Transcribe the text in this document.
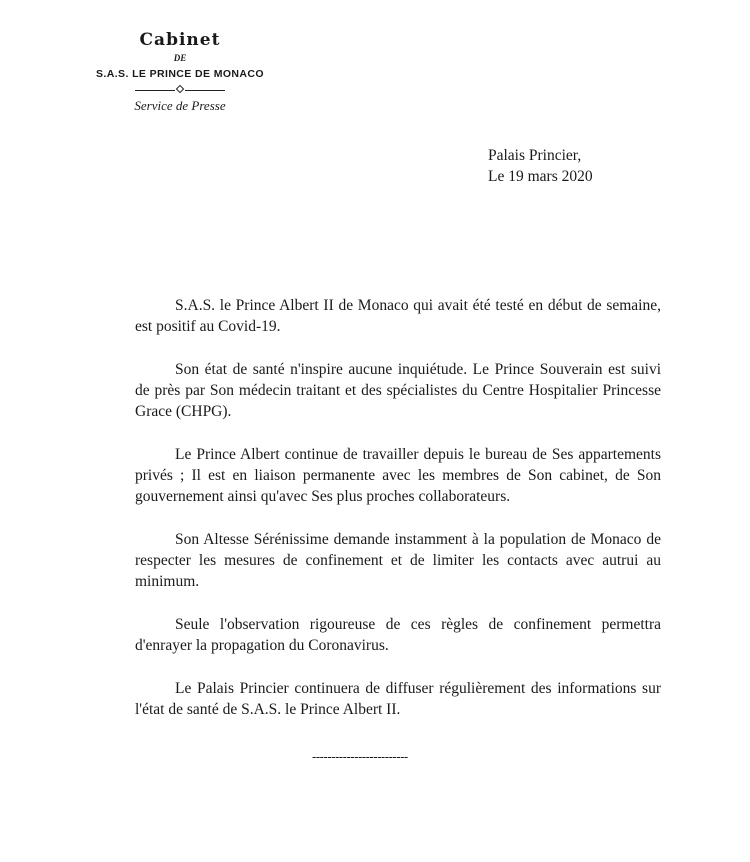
Cabinet
DE
S.A.S. LE PRINCE DE MONACO
Service de Presse
Palais Princier,
Le 19 mars 2020

S.A.S. le Prince Albert II de Monaco qui avait été testé en début de semaine, est positif au Covid-19.

Son état de santé n'inspire aucune inquiétude. Le Prince Souverain est suivi de près par Son médecin traitant et des spécialistes du Centre Hospitalier Princesse Grace (CHPG).

Le Prince Albert continue de travailler depuis le bureau de Ses appartements privés ; Il est en liaison permanente avec les membres de Son cabinet, de Son gouvernement ainsi qu'avec Ses plus proches collaborateurs.

Son Altesse Sérénissime demande instamment à la population de Monaco de respecter les mesures de confinement et de limiter les contacts avec autrui au minimum.

Seule l'observation rigoureuse de ces règles de confinement permettra d'enrayer la propagation du Coronavirus.

Le Palais Princier continuera de diffuser régulièrement des informations sur l'état de santé de S.A.S. le Prince Albert II.

-------------------------
